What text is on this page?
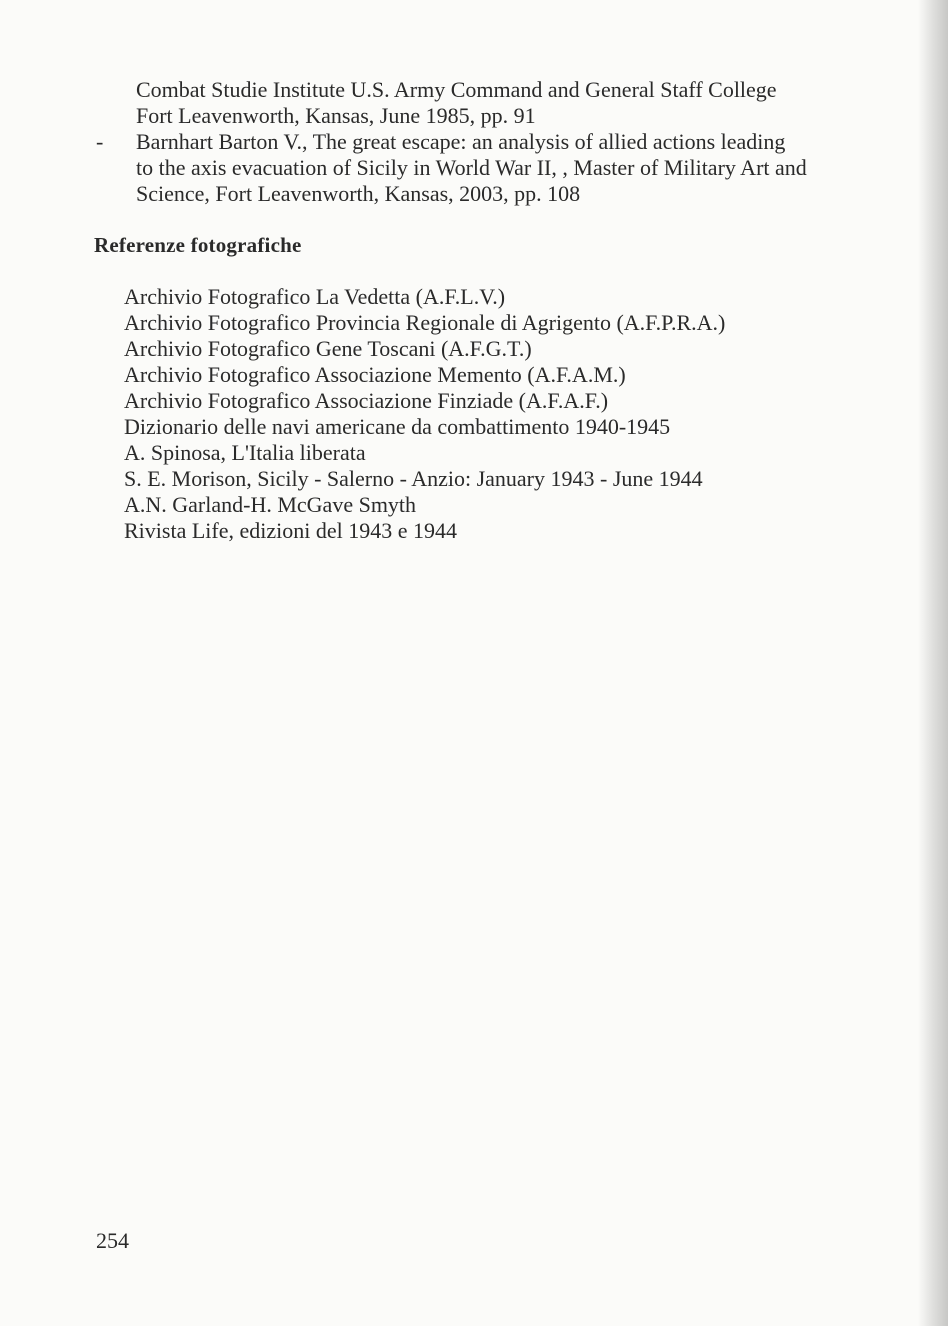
Combat Studie Institute U.S. Army Command and General Staff College
Fort Leavenworth, Kansas, June 1985, pp. 91
- Barnhart Barton V., The great escape: an analysis of allied actions leading
to the axis evacuation of Sicily in World War II, , Master of Military Art and
Science, Fort Leavenworth, Kansas, 2003, pp. 108
Referenze fotografiche
Archivio Fotografico La Vedetta (A.F.L.V.)
Archivio Fotografico Provincia Regionale di Agrigento (A.F.P.R.A.)
Archivio Fotografico Gene Toscani (A.F.G.T.)
Archivio Fotografico Associazione Memento (A.F.A.M.)
Archivio Fotografico Associazione Finziade (A.F.A.F.)
Dizionario delle navi americane da combattimento 1940-1945
A. Spinosa, L'Italia liberata
S. E. Morison, Sicily - Salerno - Anzio: January 1943 - June 1944
A.N. Garland-H. McGave Smyth
Rivista Life, edizioni del 1943 e 1944
254
